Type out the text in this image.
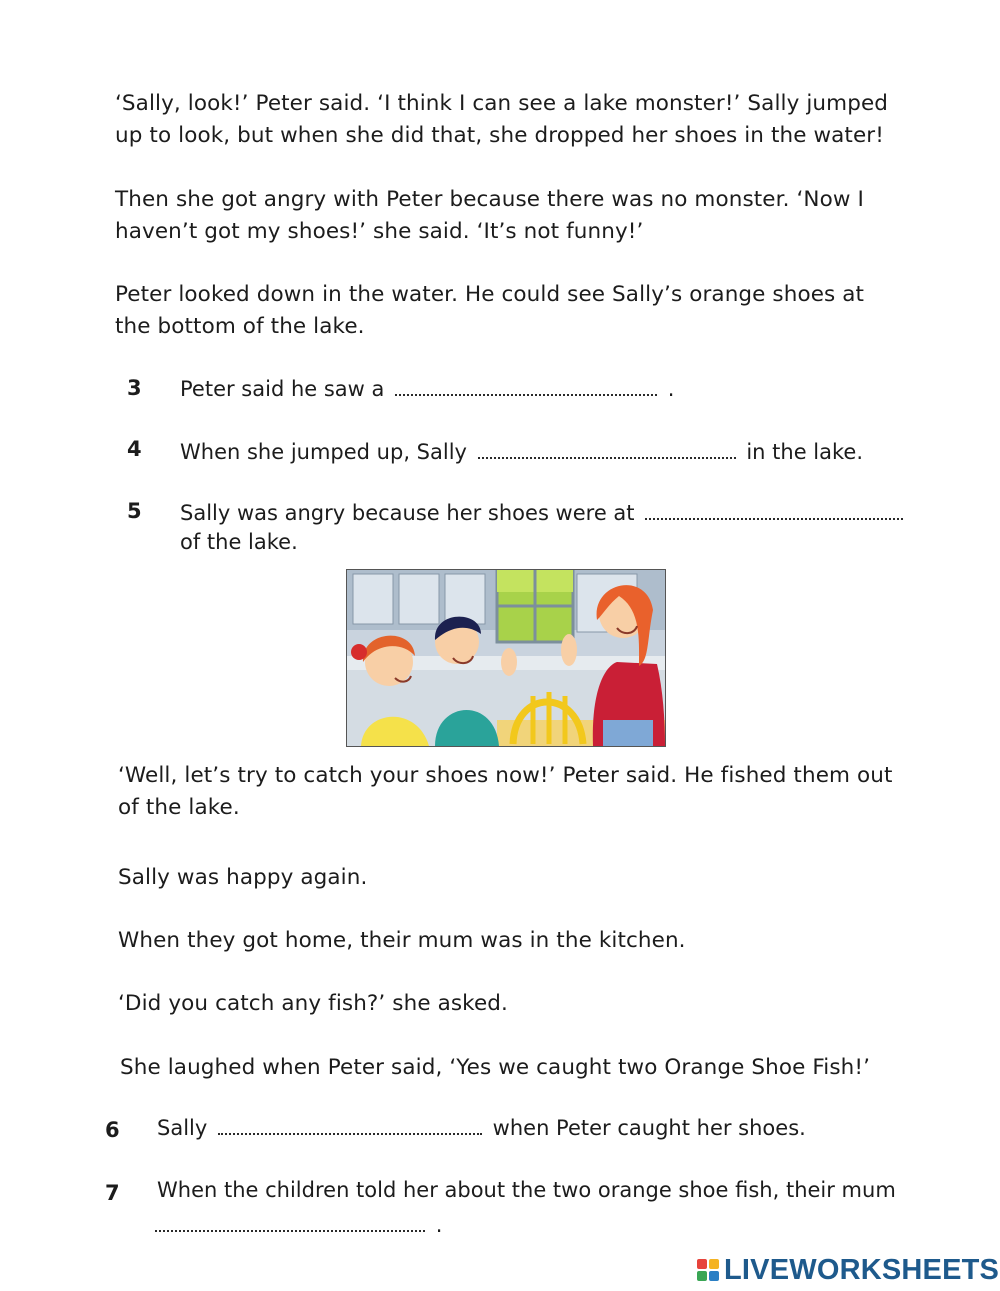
‘Sally, look!’ Peter said. ‘I think I can see a lake monster!’ Sally jumped up to look, but when she did that, she dropped her shoes in the water!
Then she got angry with Peter because there was no monster. ‘Now I haven’t got my shoes!’ she said. ‘It’s not funny!’
Peter looked down in the water. He could see Sally’s orange shoes at the bottom of the lake.
3 Peter said he saw a	.
4 When she jumped up, Sally	in the lake.
5 Sally was angry because her shoes were at
of the lake.
‘Well, let’s try to catch your shoes now!’ Peter said. He fished them out of the lake.
Sally was happy again.
When they got home, their mum was in the kitchen.
‘Did you catch any fish?’ she asked.
She laughed when Peter said, ‘Yes we caught two Orange Shoe Fish!’
6 Sally	when Peter caught her shoes.
7 When the children told her about the two orange shoe fish, their mum
.
LIVEWORKSHEETS
